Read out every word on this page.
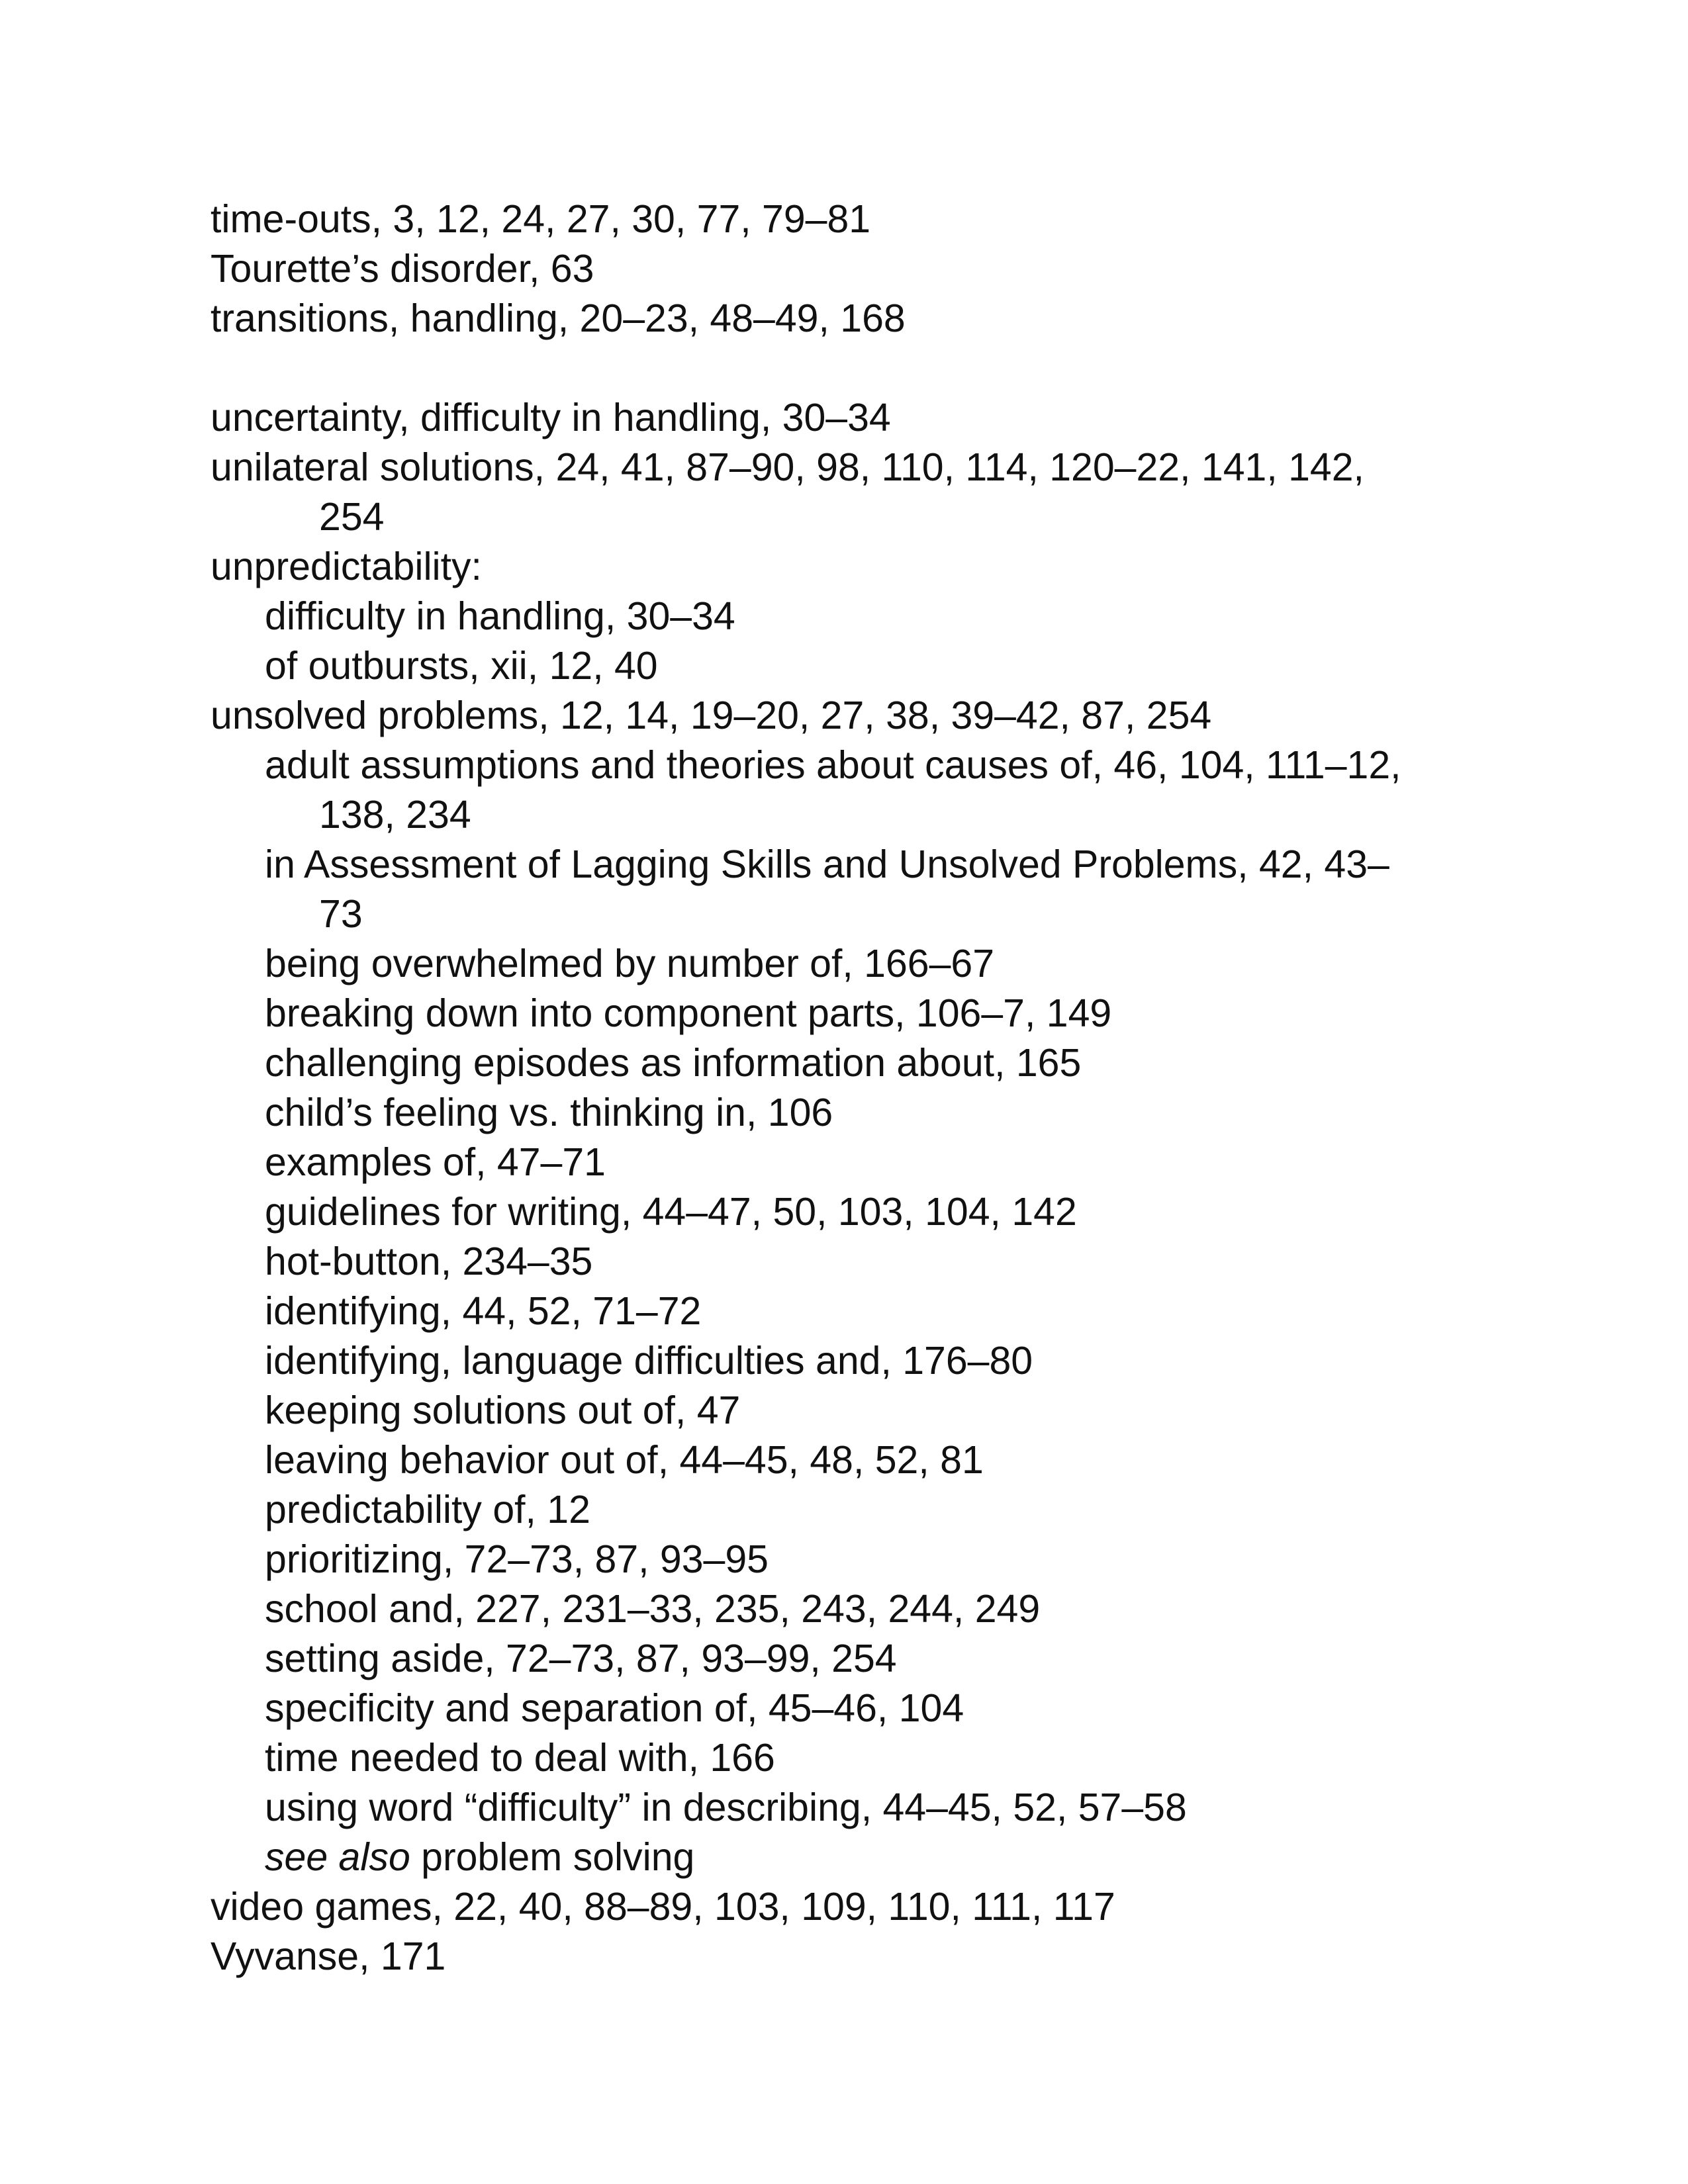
time-outs, 3, 12, 24, 27, 30, 77, 79–81
Tourette’s disorder, 63
transitions, handling, 20–23, 48–49, 168
uncertainty, difficulty in handling, 30–34
unilateral solutions, 24, 41, 87–90, 98, 110, 114, 120–22, 141, 142,
254
unpredictability:
difficulty in handling, 30–34
of outbursts, xii, 12, 40
unsolved problems, 12, 14, 19–20, 27, 38, 39–42, 87, 254
adult assumptions and theories about causes of, 46, 104, 111–12,
138, 234
in Assessment of Lagging Skills and Unsolved Problems, 42, 43–
73
being overwhelmed by number of, 166–67
breaking down into component parts, 106–7, 149
challenging episodes as information about, 165
child’s feeling vs. thinking in, 106
examples of, 47–71
guidelines for writing, 44–47, 50, 103, 104, 142
hot-button, 234–35
identifying, 44, 52, 71–72
identifying, language difficulties and, 176–80
keeping solutions out of, 47
leaving behavior out of, 44–45, 48, 52, 81
predictability of, 12
prioritizing, 72–73, 87, 93–95
school and, 227, 231–33, 235, 243, 244, 249
setting aside, 72–73, 87, 93–99, 254
specificity and separation of, 45–46, 104
time needed to deal with, 166
using word “difficulty” in describing, 44–45, 52, 57–58
see also problem solving
video games, 22, 40, 88–89, 103, 109, 110, 111, 117
Vyvanse, 171
